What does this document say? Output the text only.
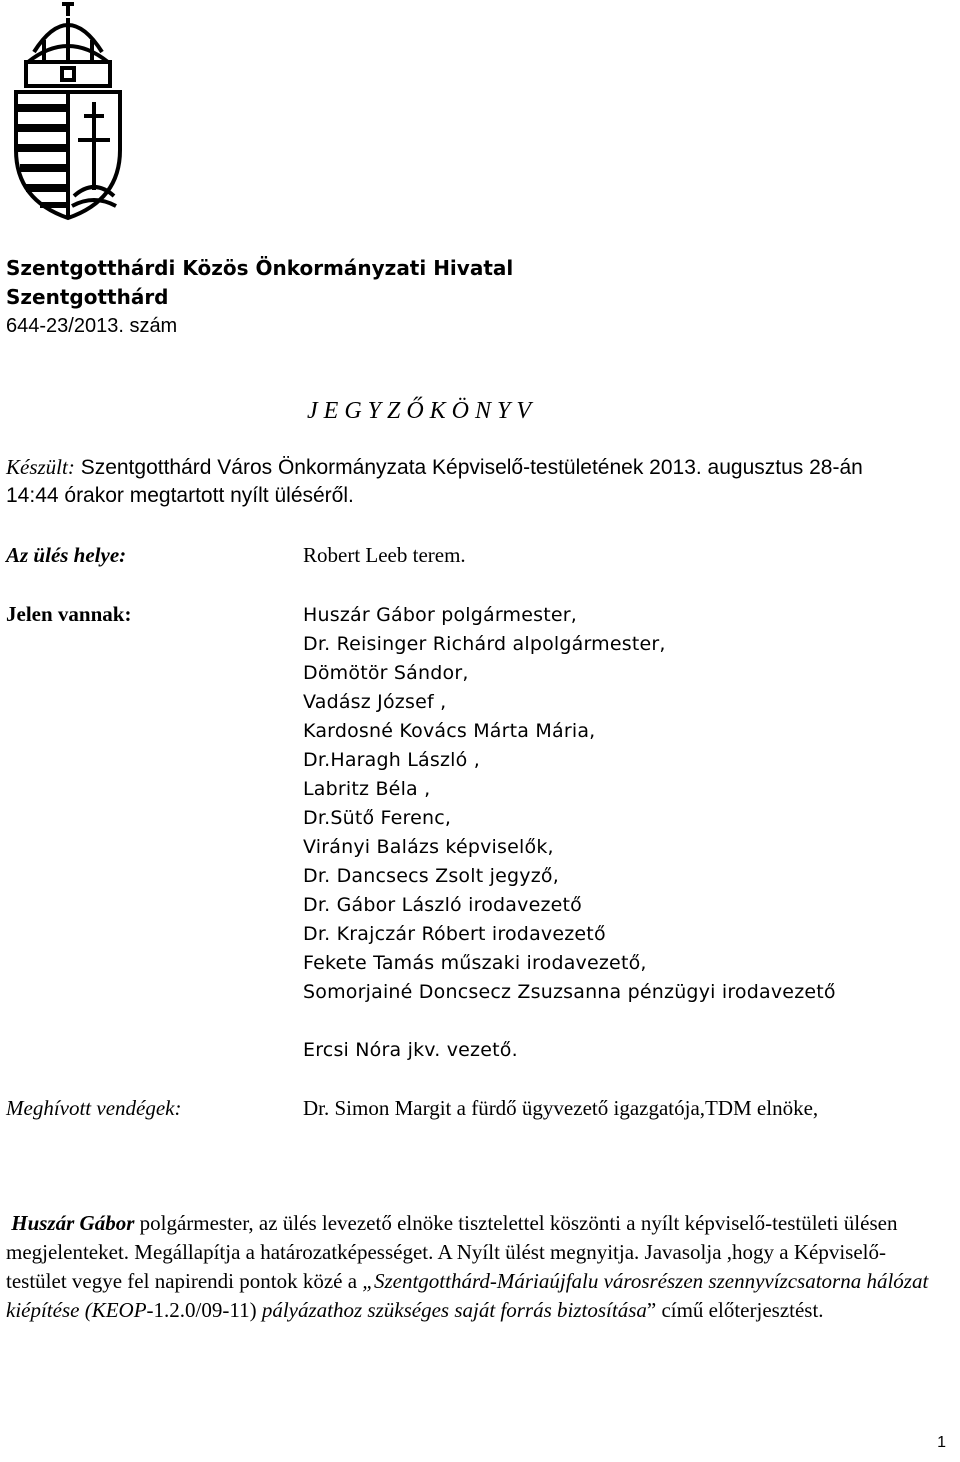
Szentgotthárdi Közös Önkormányzati Hivatal
Szentgotthárd
644-23/2013. szám
J E G Y Z Ő K Ö N Y V
Készült: Szentgotthárd Város Önkormányzata Képviselő-testületének 2013. augusztus 28-án
14:44 órakor megtartott nyílt üléséről.
Az ülés helye:	Robert Leeb terem.
Jelen vannak:	Huszár Gábor polgármester,
Dr. Reisinger Richárd alpolgármester,
Dömötör Sándor,
Vadász József ,
Kardosné Kovács Márta Mária,
Dr.Haragh László ,
Labritz Béla ,
Dr.Sütő Ferenc,
Virányi Balázs képviselők,
Dr. Dancsecs Zsolt jegyző,
Dr. Gábor László irodavezető
Dr. Krajczár Róbert irodavezető
Fekete Tamás műszaki irodavezető,
Somorjainé Doncsecz Zsuzsanna pénzügyi irodavezető
Ercsi Nóra jkv. vezető.
Meghívott vendégek:	Dr. Simon Margit a fürdő ügyvezető igazgatója,TDM elnöke,
Huszár Gábor polgármester, az ülés levezető elnöke tisztelettel köszönti a nyílt képviselő-testületi ülésen megjelenteket. Megállapítja a határozatképességet. A Nyílt ülést megnyitja. Javasolja ,hogy a Képviselő-testület vegye fel napirendi pontok közé a „Szentgotthárd-Máriaújfalu városrészen szennyvízcsatorna hálózat kiépítése (KEOP-1.2.0/09-11) pályázathoz szükséges saját forrás biztosítása” című előterjesztést.
1
